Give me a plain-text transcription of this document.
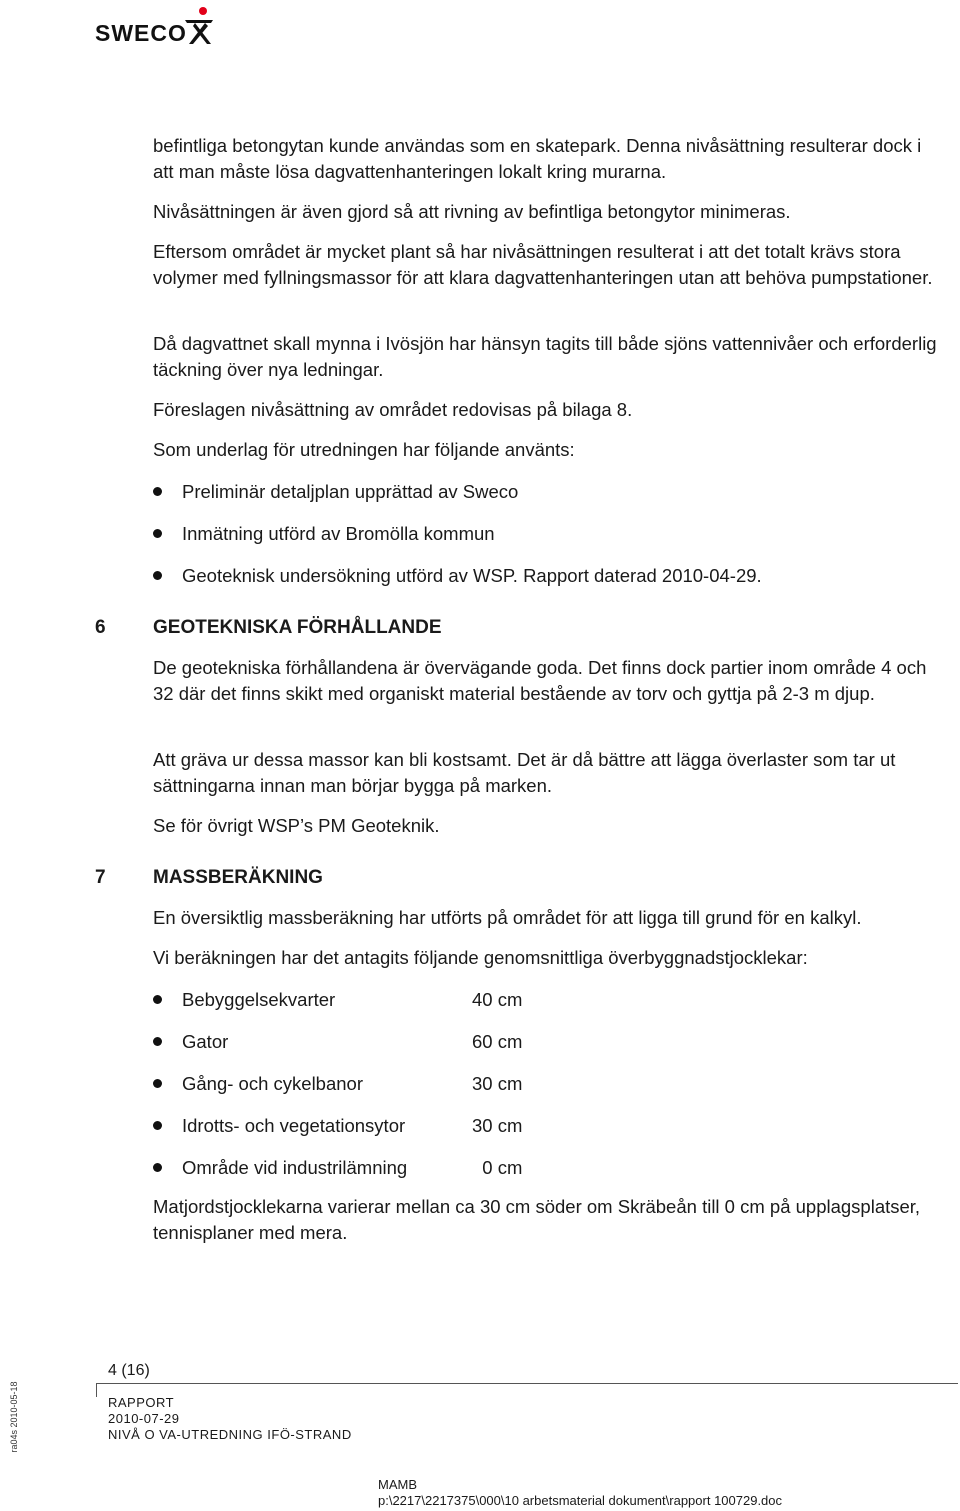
SWECO

befintliga betongytan kunde användas som en skatepark. Denna nivåsättning resulterar dock i att man måste lösa dagvattenhanteringen lokalt kring murarna.

Nivåsättningen är även gjord så att rivning av befintliga betongytor minimeras.

Eftersom området är mycket plant så har nivåsättningen resulterat i att det totalt krävs stora volymer med fyllningsmassor för att klara dagvattenhanteringen utan att behöva pumpstationer.

Då dagvattnet skall mynna i Ivösjön har hänsyn tagits till både sjöns vattennivåer och erforderlig täckning över nya ledningar.

Föreslagen nivåsättning av området redovisas på bilaga 8.

Som underlag för utredningen har följande använts:

Preliminär detaljplan upprättad av Sweco
Inmätning utförd av Bromölla kommun
Geoteknisk undersökning utförd av WSP. Rapport daterad 2010-04-29.
6 GEOTEKNISKA FÖRHÅLLANDE

De geotekniska förhållandena är övervägande goda. Det finns dock partier inom område 4 och 32 där det finns skikt med organiskt material bestående av torv och gyttja på 2-3 m djup.

Att gräva ur dessa massor kan bli kostsamt. Det är då bättre att lägga överlaster som tar ut sättningarna innan man börjar bygga på marken.

Se för övrigt WSP’s PM Geoteknik.

7 MASSBERÄKNING

En översiktlig massberäkning har utförts på området för att ligga till grund för en kalkyl.

Vi beräkningen har det antagits följande genomsnittliga överbyggnadstjocklekar:

Bebyggelsekvarter	40 cm
Gator	60 cm
Gång- och cykelbanor	30 cm
Idrotts- och vegetationsytor	30 cm
Område vid industrilämning	0 cm

Matjordstjocklekarna varierar mellan ca 30 cm söder om Skräbeån till 0 cm på upplagsplatser, tennisplaner med mera.

4 (16)
RAPPORT
2010-07-29
NIVÅ O VA-UTREDNING IFÖ-STRAND
MAMB
p:\2217\2217375\000\10 arbetsmaterial dokument\rapport 100729.doc
ra04s 2010-05-18
